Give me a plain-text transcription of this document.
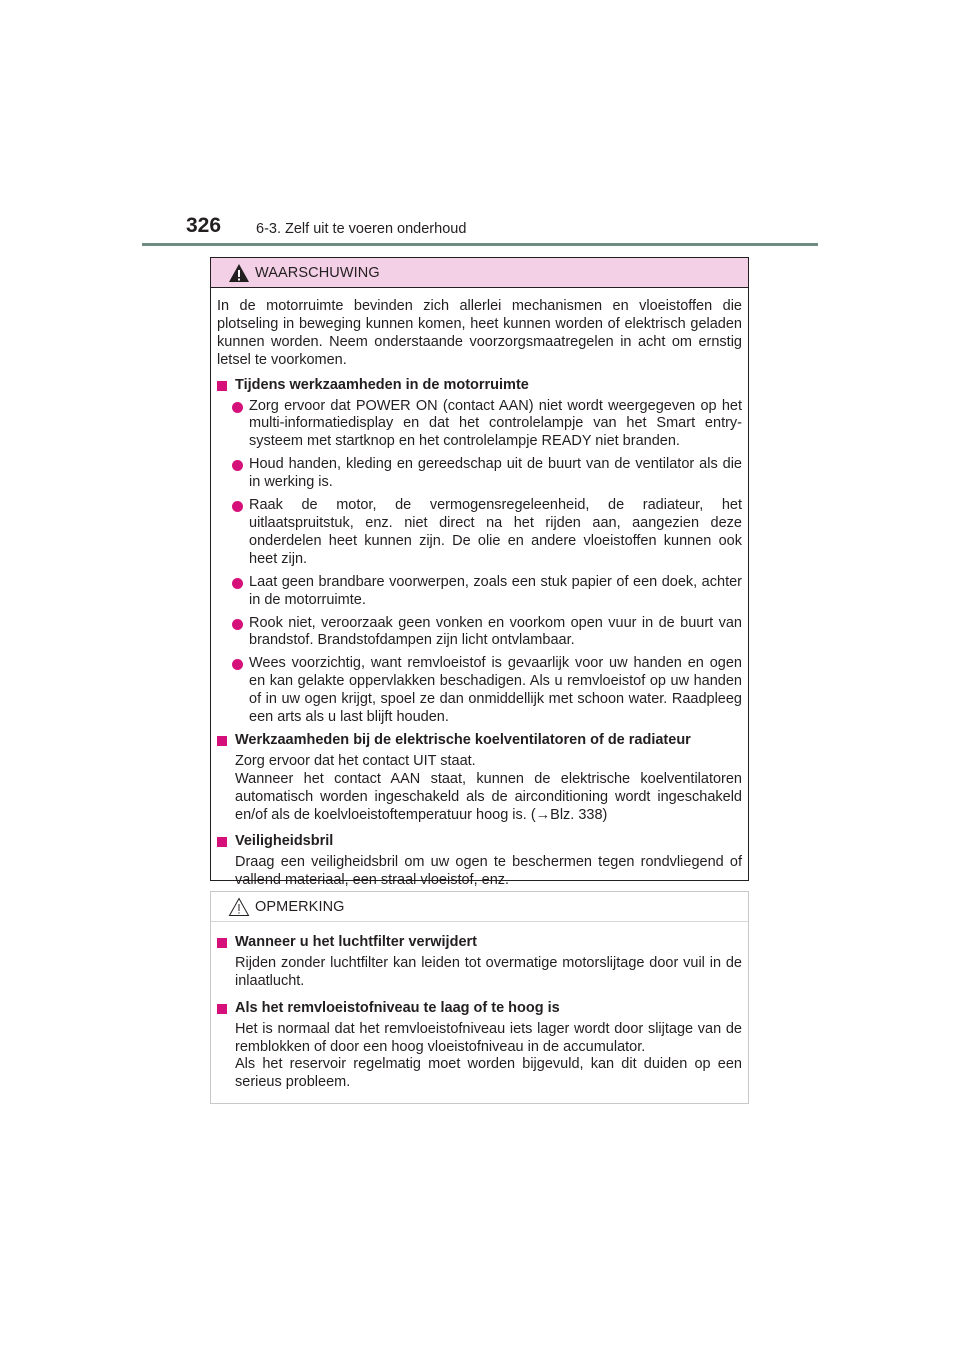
326 6-3. Zelf uit te voeren onderhoud
WAARSCHUWING
In de motorruimte bevinden zich allerlei mechanismen en vloeistoffen die plotseling in beweging kunnen komen, heet kunnen worden of elektrisch geladen kunnen worden. Neem onderstaande voorzorgsmaatregelen in acht om ernstig letsel te voorkomen.
Tijdens werkzaamheden in de motorruimte
Zorg ervoor dat POWER ON (contact AAN) niet wordt weergegeven op het multi-informatiedisplay en dat het controlelampje van het Smart entry-systeem met startknop en het controlelampje READY niet branden.
Houd handen, kleding en gereedschap uit de buurt van de ventilator als die in werking is.
Raak de motor, de vermogensregeleenheid, de radiateur, het uitlaatspruitstuk, enz. niet direct na het rijden aan, aangezien deze onderdelen heet kunnen zijn. De olie en andere vloeistoffen kunnen ook heet zijn.
Laat geen brandbare voorwerpen, zoals een stuk papier of een doek, achter in de motorruimte.
Rook niet, veroorzaak geen vonken en voorkom open vuur in de buurt van brandstof. Brandstofdampen zijn licht ontvlambaar.
Wees voorzichtig, want remvloeistof is gevaarlijk voor uw handen en ogen en kan gelakte oppervlakken beschadigen. Als u remvloeistof op uw handen of in uw ogen krijgt, spoel ze dan onmiddellijk met schoon water. Raadpleeg een arts als u last blijft houden.
Werkzaamheden bij de elektrische koelventilatoren of de radiateur
Zorg ervoor dat het contact UIT staat.
Wanneer het contact AAN staat, kunnen de elektrische koelventilatoren automatisch worden ingeschakeld als de airconditioning wordt ingeschakeld en/of als de koelvloeistoftemperatuur hoog is. (→Blz. 338)
Veiligheidsbril
Draag een veiligheidsbril om uw ogen te beschermen tegen rondvliegend of vallend materiaal, een straal vloeistof, enz.
OPMERKING
Wanneer u het luchtfilter verwijdert
Rijden zonder luchtfilter kan leiden tot overmatige motorslijtage door vuil in de inlaatlucht.
Als het remvloeistofniveau te laag of te hoog is
Het is normaal dat het remvloeistofniveau iets lager wordt door slijtage van de remblokken of door een hoog vloeistofniveau in de accumulator.
Als het reservoir regelmatig moet worden bijgevuld, kan dit duiden op een serieus probleem.
